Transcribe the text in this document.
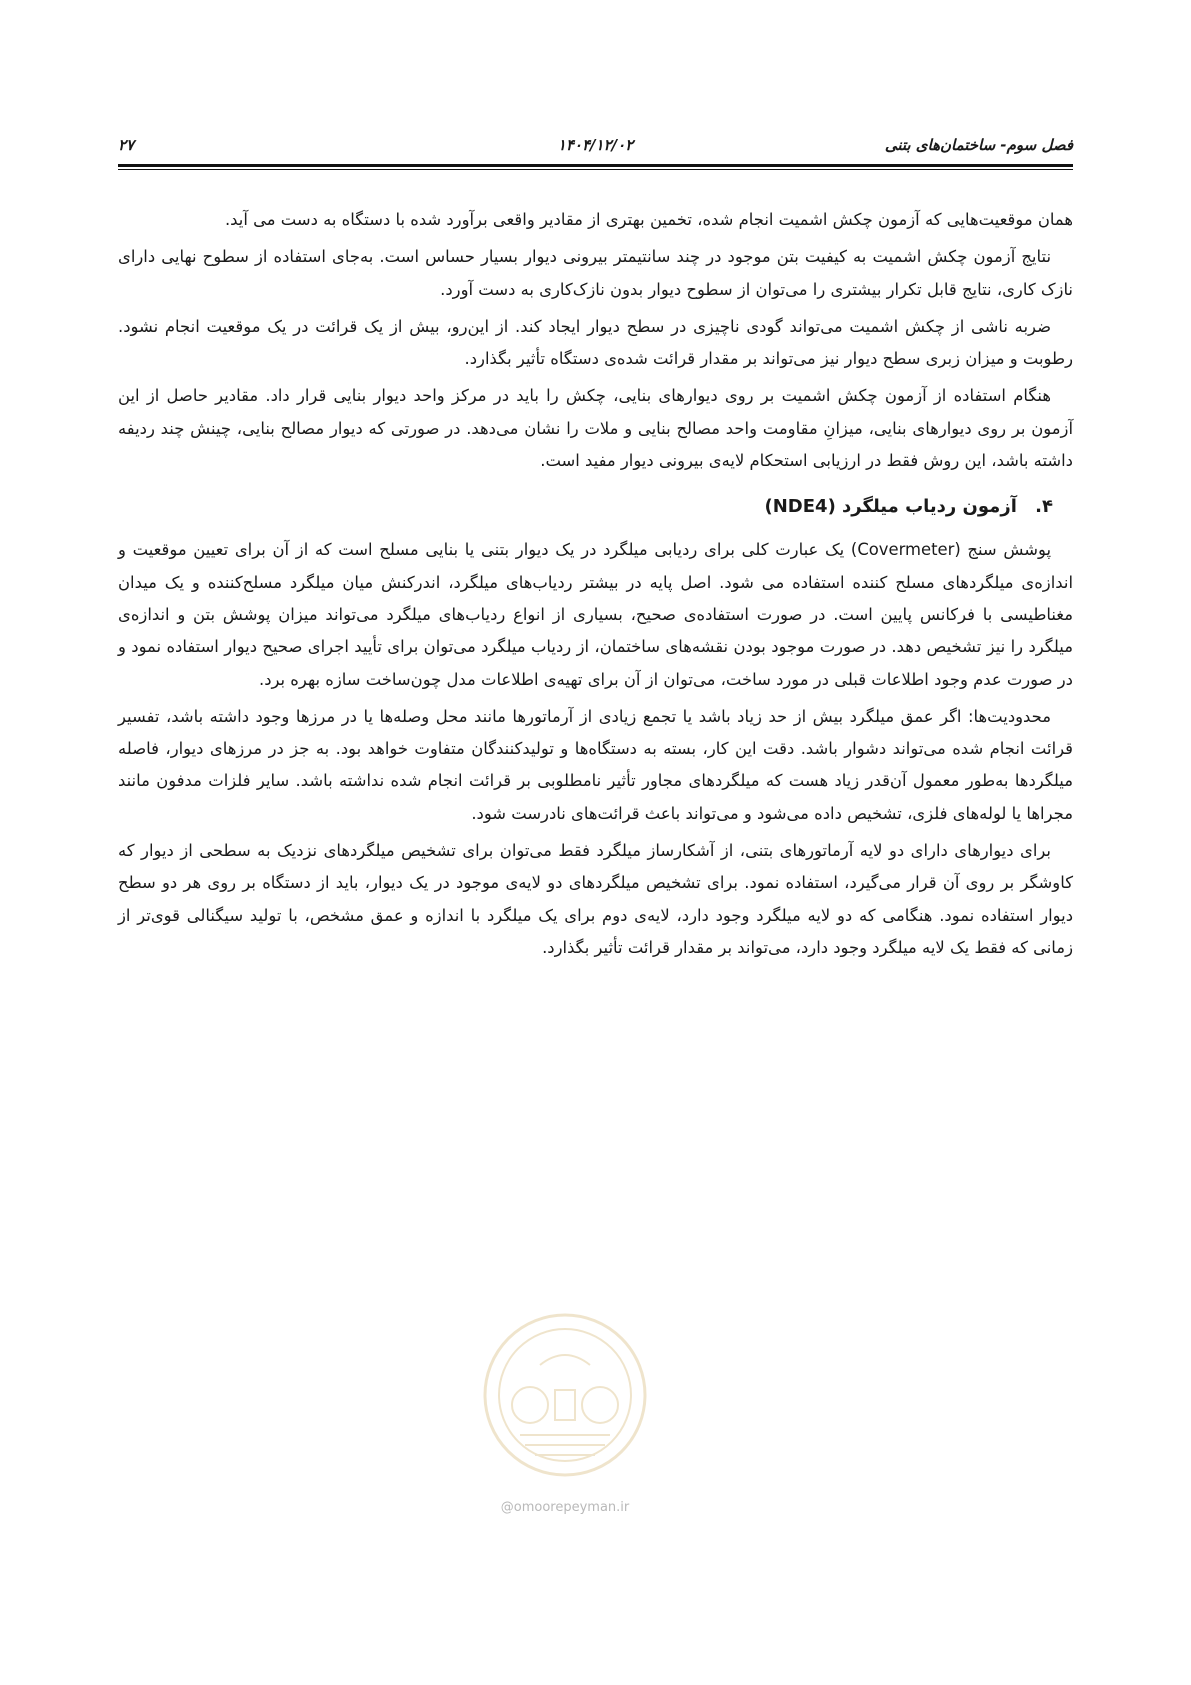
فصل سوم- ساختمان‌های بتنی
۱۴۰۴/۱۲/۰۲
۲۷

همان موقعیت‌هایی که آزمون چکش اشمیت انجام شده، تخمین بهتری از مقادیر واقعی برآورد شده با دستگاه به دست می آید.

نتایج آزمون چکش اشمیت به کیفیت بتن موجود در چند سانتیمتر بیرونی دیوار بسیار حساس است. به‌جای استفاده از سطوح نهایی دارای نازک کاری، نتایج قابل تکرار بیشتری را می‌توان از سطوح دیوار بدون نازک‌کاری به دست آورد.

ضربه ناشی از چکش اشمیت می‌تواند گودی ناچیزی در سطح دیوار ایجاد کند. از این‌رو، بیش از یک قرائت در یک موقعیت انجام نشود. رطوبت و میزان زبری سطح دیوار نیز می‌تواند بر مقدار قرائت شده‌ی دستگاه تأثیر بگذارد.

هنگام استفاده از آزمون چکش اشمیت بر روی دیوارهای بنایی، چکش را باید در مرکز واحد دیوار بنایی قرار داد. مقادیر حاصل از این آزمون بر روی دیوارهای بنایی، میزانِ مقاومت واحد مصالح بنایی و ملات را نشان می‌دهد. در صورتی که دیوار مصالح بنایی، چینش چند ردیفه داشته باشد، این روش فقط در ارزیابی استحکام لایه‌ی بیرونی دیوار مفید است.

۴. آزمون ردیاب میلگرد (NDE4)

پوشش سنج (Covermeter) یک عبارت کلی برای ردیابی میلگرد در یک دیوار بتنی یا بنایی مسلح است که از آن برای تعیین موقعیت و اندازه‌ی میلگردهای مسلح کننده استفاده می شود. اصل پایه در بیشتر ردیاب‌های میلگرد، اندرکنش میان میلگرد مسلح‌کننده و یک میدان مغناطیسی با فرکانس پایین است. در صورت استفاده‌ی صحیح، بسیاری از انواع ردیاب‌های میلگرد می‌تواند میزان پوشش بتن و اندازه‌ی میلگرد را نیز تشخیص دهد. در صورت موجود بودن نقشه‌های ساختمان، از ردیاب میلگرد می‌توان برای تأیید اجرای صحیح دیوار استفاده نمود و در صورت عدم وجود اطلاعات قبلی در مورد ساخت، می‌توان از آن برای تهیه‌ی اطلاعات مدل چون‌ساخت سازه بهره برد.

محدودیت‌ها: اگر عمق میلگرد بیش از حد زیاد باشد یا تجمع زیادی از آرماتورها مانند محل وصله‌ها یا در مرزها وجود داشته باشد، تفسیر قرائت انجام شده می‌تواند دشوار باشد. دقت این کار، بسته به دستگاه‌ها و تولیدکنندگان متفاوت خواهد بود. به جز در مرزهای دیوار، فاصله میلگردها به‌طور معمول آن‌قدر زیاد هست که میلگردهای مجاور تأثیر نامطلوبی بر قرائت انجام شده نداشته باشد. سایر فلزات مدفون مانند مجراها یا لوله‌های فلزی، تشخیص داده می‌شود و می‌تواند باعث قرائت‌های نادرست شود.

برای دیوارهای دارای دو لایه آرماتورهای بتنی، از آشکارساز میلگرد فقط می‌توان برای تشخیص میلگردهای نزدیک به سطحی از دیوار که کاوشگر بر روی آن قرار می‌گیرد، استفاده نمود. برای تشخیص میلگردهای دو لایه‌ی موجود در یک دیوار، باید از دستگاه بر روی هر دو سطح دیوار استفاده نمود. هنگامی که دو لایه میلگرد وجود دارد، لایه‌ی دوم برای یک میلگرد با اندازه و عمق مشخص، با تولید سیگنالی قوی‌تر از زمانی که فقط یک لایه میلگرد وجود دارد، می‌تواند بر مقدار قرائت تأثیر بگذارد.

@omoorepeyman.ir
